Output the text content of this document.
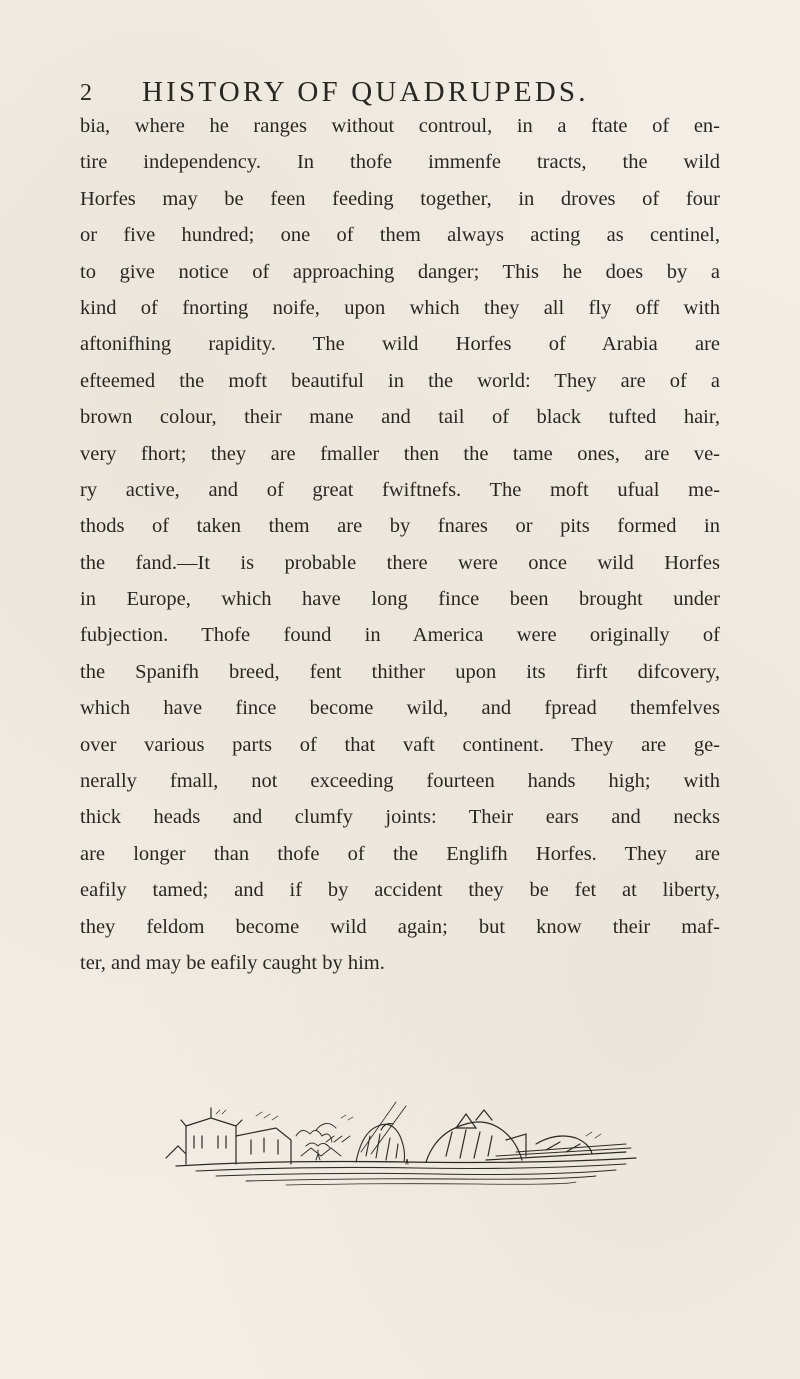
2 HISTORY OF QUADRUPEDS.
bia, where he ranges without controul, in a ftate of en-
tire independency. In thofe immenfe tracts, the wild
Horfes may be feen feeding together, in droves of four
or five hundred; one of them always acting as centinel,
to give notice of approaching danger; This he does by a
kind of fnorting noife, upon which they all fly off with
aftonifhing rapidity. The wild Horfes of Arabia are
efteemed the moft beautiful in the world: They are of a
brown colour, their mane and tail of black tufted hair,
very fhort; they are fmaller then the tame ones, are ve-
ry active, and of great fwiftnefs. The moft ufual me-
thods of taken them are by fnares or pits formed in
the fand.—It is probable there were once wild Horfes
in Europe, which have long fince been brought under
fubjection. Thofe found in America were originally of
the Spanifh breed, fent thither upon its firft difcovery,
which have fince become wild, and fpread themfelves
over various parts of that vaft continent. They are ge-
nerally fmall, not exceeding fourteen hands high; with
thick heads and clumfy joints: Their ears and necks
are longer than thofe of the Englifh Horfes. They are
eafily tamed; and if by accident they be fet at liberty,
they feldom become wild again; but know their maf-
ter, and may be eafily caught by him.
